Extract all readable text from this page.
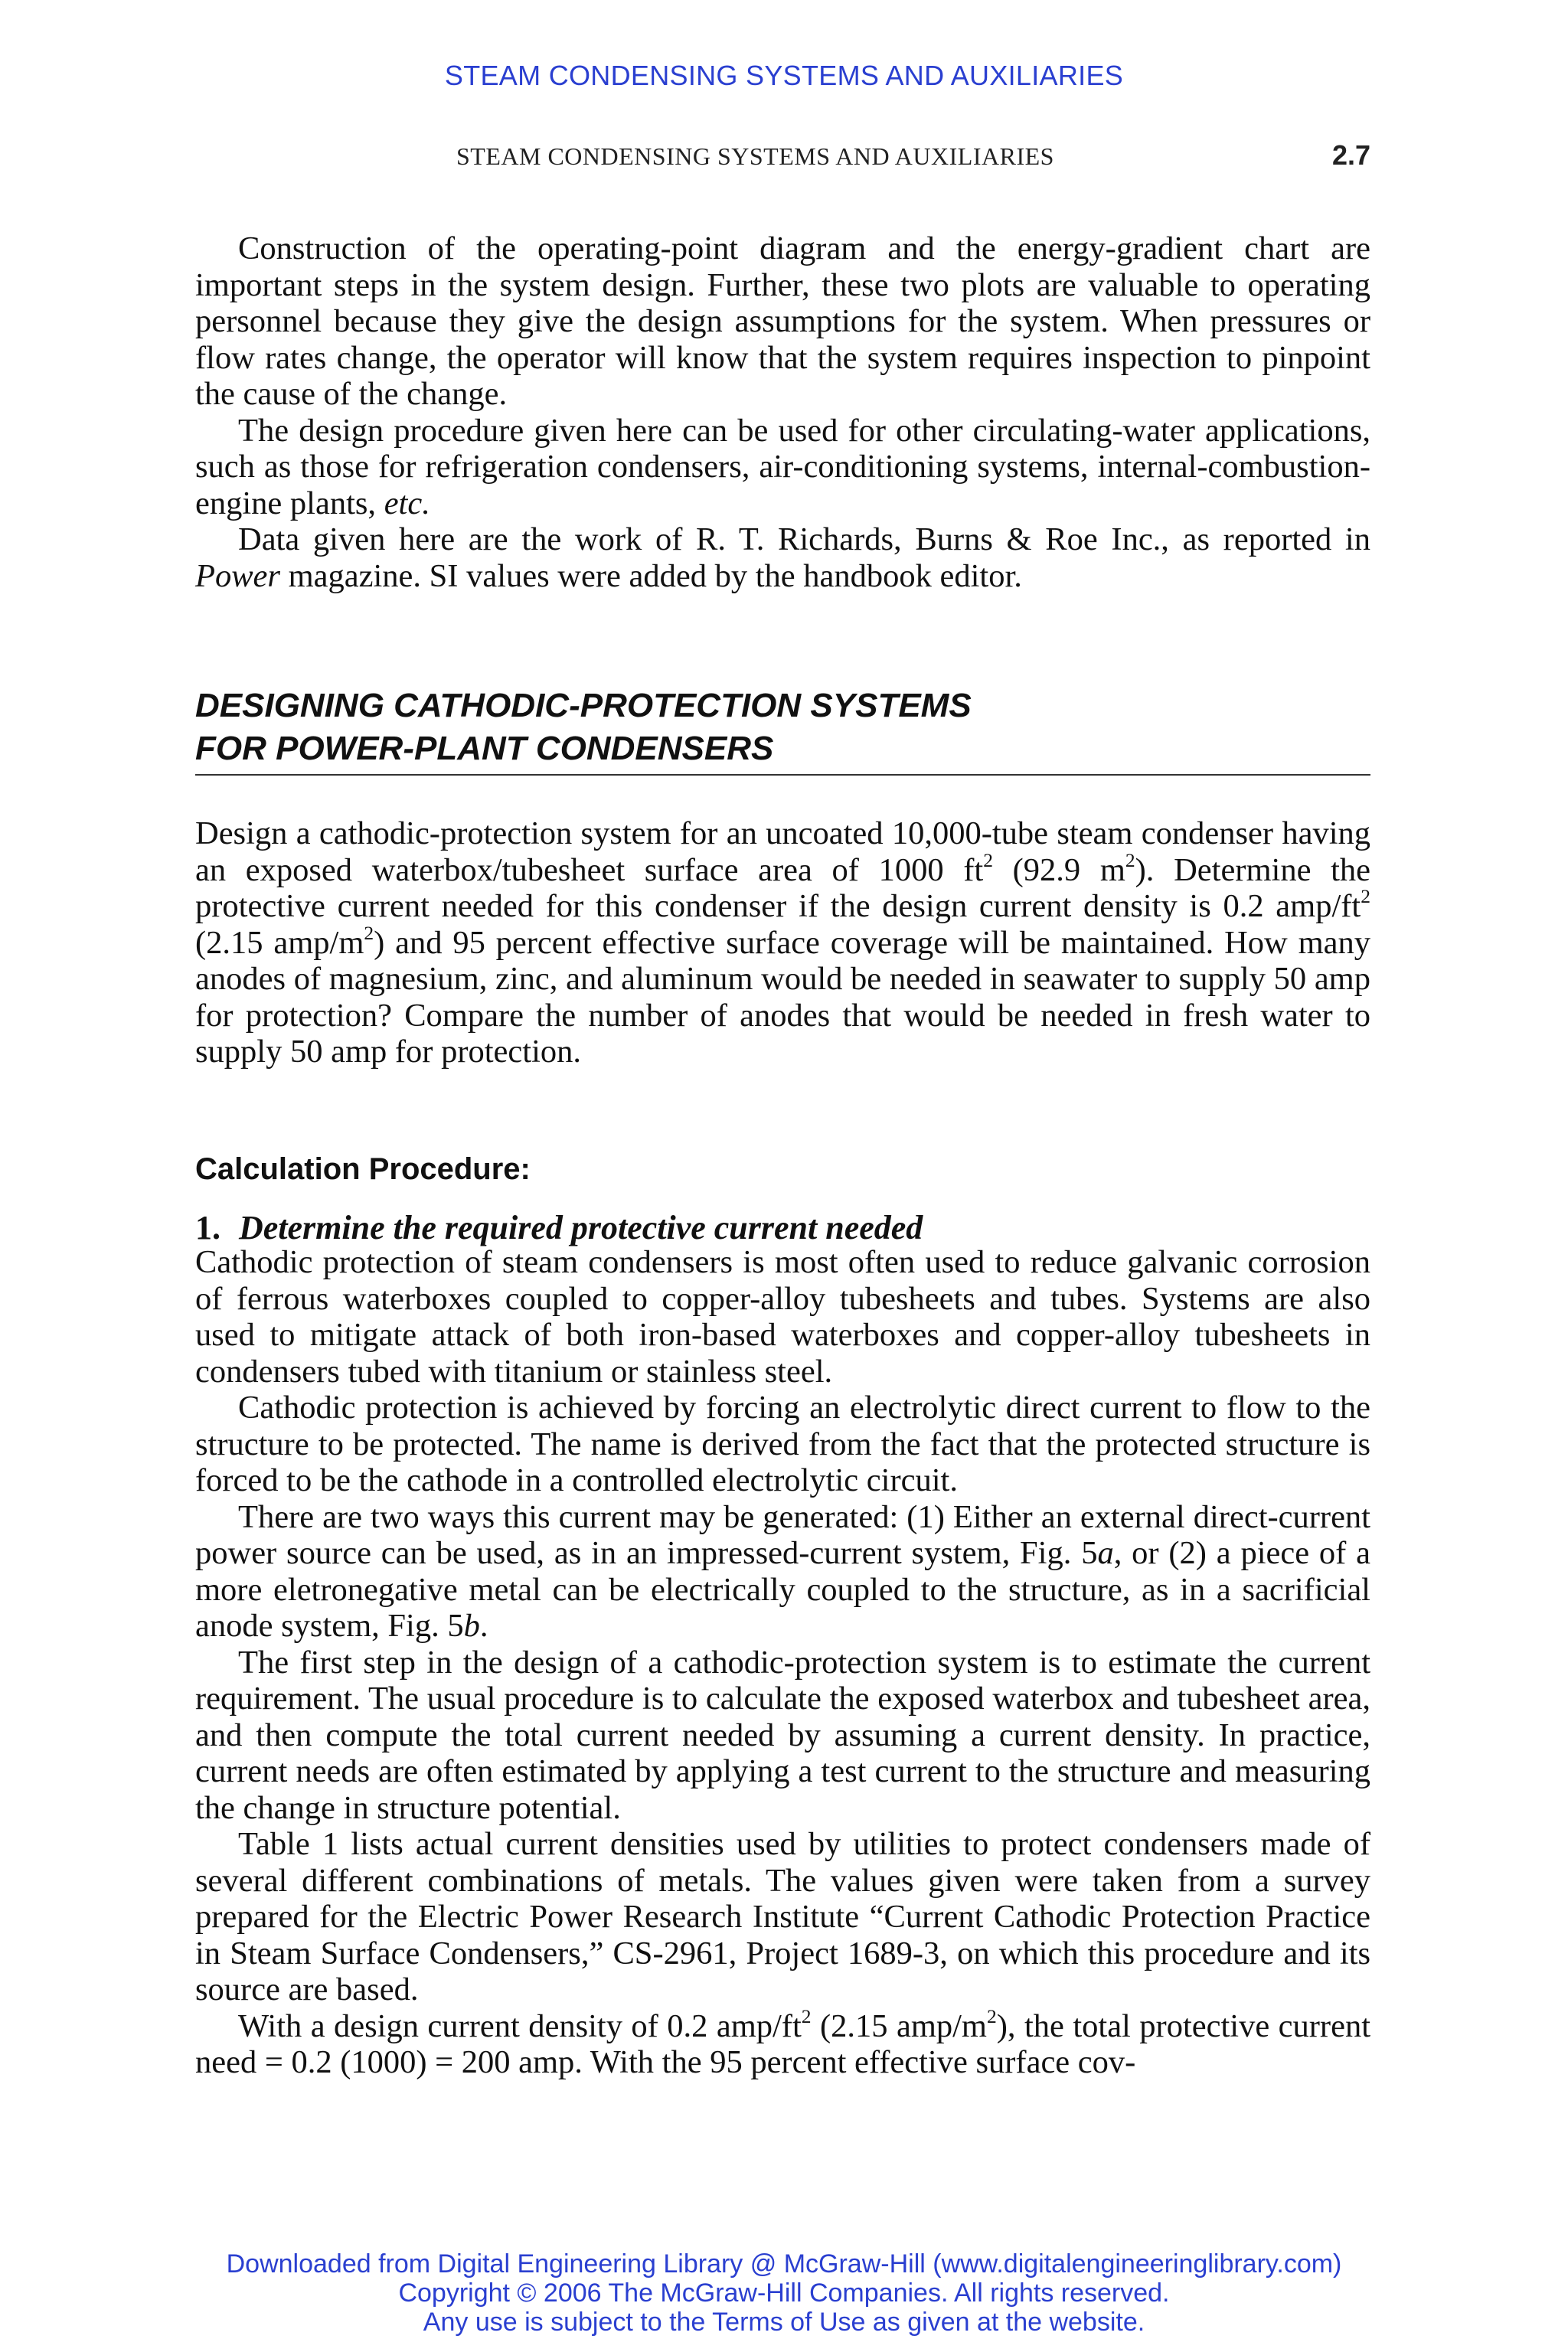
STEAM CONDENSING SYSTEMS AND AUXILIARIES
STEAM CONDENSING SYSTEMS AND AUXILIARIES	2.7

Construction of the operating-point diagram and the energy-gradient chart are important steps in the system design. Further, these two plots are valuable to operating personnel because they give the design assumptions for the system. When pressures or flow rates change, the operator will know that the system requires inspection to pinpoint the cause of the change.

The design procedure given here can be used for other circulating-water applications, such as those for refrigeration condensers, air-conditioning systems, internal-combustion-engine plants, etc.

Data given here are the work of R. T. Richards, Burns & Roe Inc., as reported in Power magazine. SI values were added by the handbook editor.

DESIGNING CATHODIC-PROTECTION SYSTEMS
FOR POWER-PLANT CONDENSERS

Design a cathodic-protection system for an uncoated 10,000-tube steam condenser having an exposed waterbox/tubesheet surface area of 1000 $ft^2$ (92.9 $m^2$). Determine the protective current needed for this condenser if the design current density is 0.2 amp/$ft^2$ (2.15 amp/$m^2$) and 95 percent effective surface coverage will be maintained. How many anodes of magnesium, zinc, and aluminum would be needed in seawater to supply 50 amp for protection? Compare the number of anodes that would be needed in fresh water to supply 50 amp for protection.

Calculation Procedure:
1. Determine the required protective current needed

Cathodic protection of steam condensers is most often used to reduce galvanic corrosion of ferrous waterboxes coupled to copper-alloy tubesheets and tubes. Systems are also used to mitigate attack of both iron-based waterboxes and copper-alloy tubesheets in condensers tubed with titanium or stainless steel.

Cathodic protection is achieved by forcing an electrolytic direct current to flow to the structure to be protected. The name is derived from the fact that the protected structure is forced to be the cathode in a controlled electrolytic circuit.

There are two ways this current may be generated: (1) Either an external direct-current power source can be used, as in an impressed-current system, Fig. 5a, or (2) a piece of a more eletronegative metal can be electrically coupled to the structure, as in a sacrificial anode system, Fig. 5b.

The first step in the design of a cathodic-protection system is to estimate the current requirement. The usual procedure is to calculate the exposed waterbox and tubesheet area, and then compute the total current needed by assuming a current density. In practice, current needs are often estimated by applying a test current to the structure and measuring the change in structure potential.

Table 1 lists actual current densities used by utilities to protect condensers made of several different combinations of metals. The values given were taken from a survey prepared for the Electric Power Research Institute “Current Cathodic Protection Practice in Steam Surface Condensers,” CS-2961, Project 1689-3, on which this procedure and its source are based.

With a design current density of 0.2 amp/$ft^2$ (2.15 amp/$m^2$), the total protective current need = 0.2 (1000) = 200 amp. With the 95 percent effective surface cov-

Downloaded from Digital Engineering Library @ McGraw-Hill (www.digitalengineeringlibrary.com)
Copyright © 2006 The McGraw-Hill Companies. All rights reserved.
Any use is subject to the Terms of Use as given at the website.
